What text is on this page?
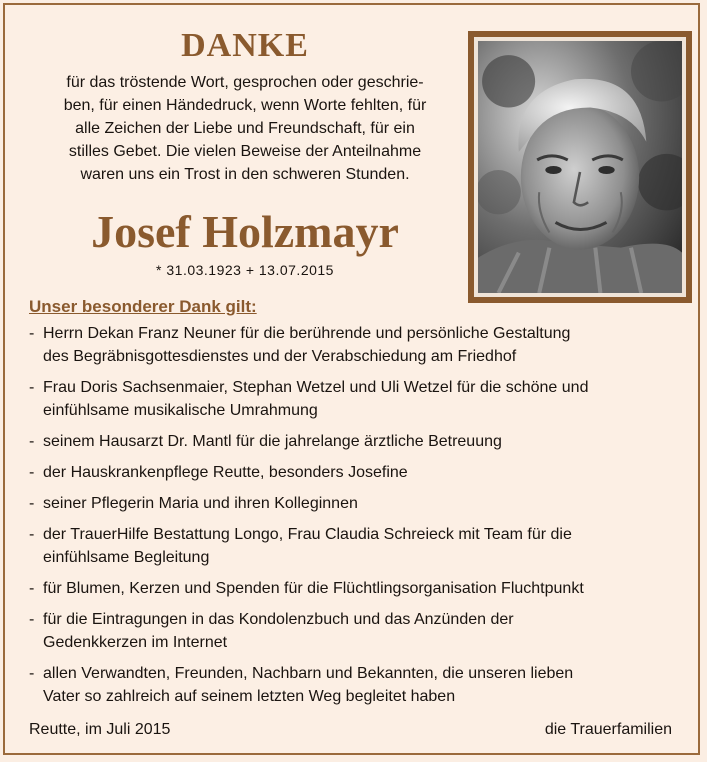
DANKE
für das tröstende Wort, gesprochen oder geschrie-
ben, für einen Händedruck, wenn Worte fehlten, für
alle Zeichen der Liebe und Freundschaft, für ein
stilles Gebet. Die vielen Beweise der Anteilnahme
waren uns ein Trost in den schweren Stunden.
Josef Holzmayr
* 31.03.1923 + 13.07.2015
Unser besonderer Dank gilt:
- Herrn Dekan Franz Neuner für die berührende und persönliche Gestaltung
des Begräbnisgottesdienstes und der Verabschiedung am Friedhof
- Frau Doris Sachsenmaier, Stephan Wetzel und Uli Wetzel für die schöne und
einfühlsame musikalische Umrahmung
- seinem Hausarzt Dr. Mantl für die jahrelange ärztliche Betreuung
- der Hauskrankenpflege Reutte, besonders Josefine
- seiner Pflegerin Maria und ihren Kolleginnen
- der TrauerHilfe Bestattung Longo, Frau Claudia Schreieck mit Team für die
einfühlsame Begleitung
- für Blumen, Kerzen und Spenden für die Flüchtlingsorganisation Fluchtpunkt
- für die Eintragungen in das Kondolenzbuch und das Anzünden der
Gedenkkerzen im Internet
- allen Verwandten, Freunden, Nachbarn und Bekannten, die unseren lieben
Vater so zahlreich auf seinem letzten Weg begleitet haben
Reutte, im Juli 2015	die Trauerfamilien
